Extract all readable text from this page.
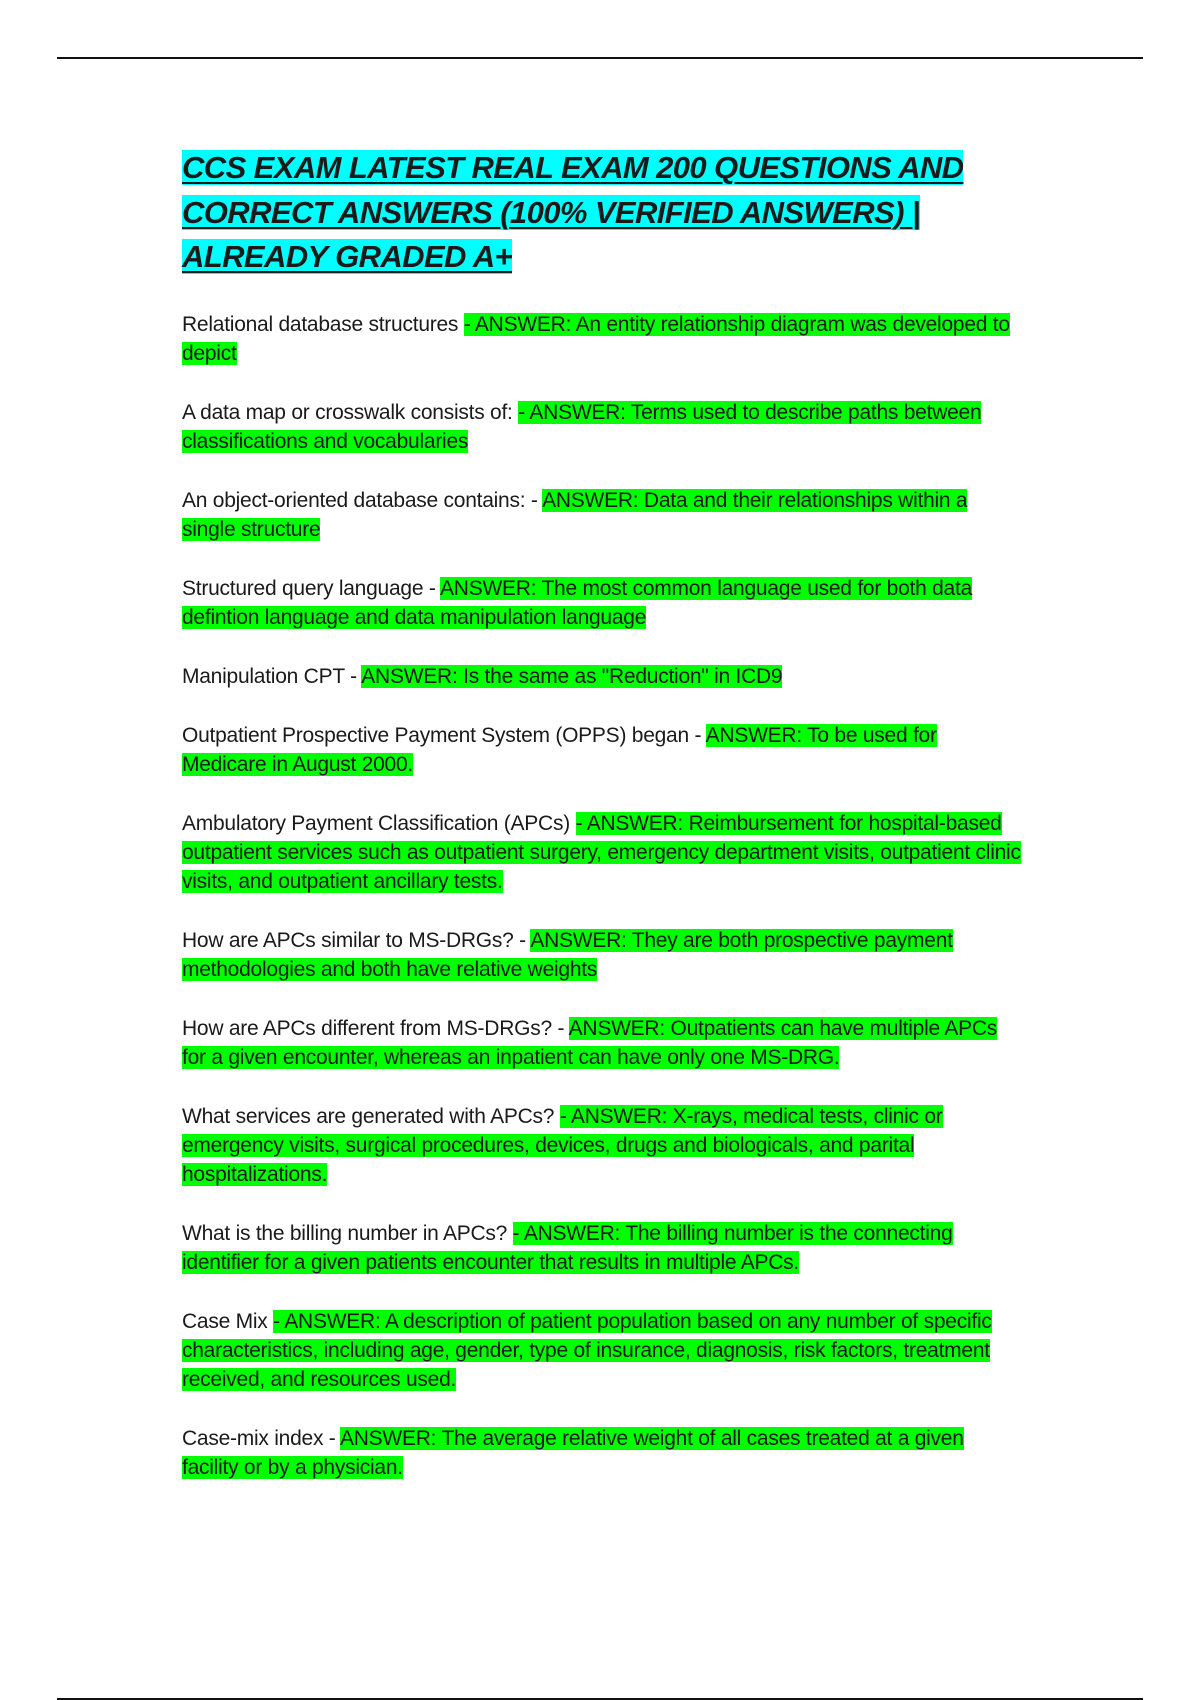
CCS EXAM LATEST REAL EXAM 200 QUESTIONS AND CORRECT ANSWERS (100% VERIFIED ANSWERS) | ALREADY GRADED A+

Relational database structures - ANSWER: An entity relationship diagram was developed to depict

A data map or crosswalk consists of: - ANSWER: Terms used to describe paths between classifications and vocabularies

An object-oriented database contains: - ANSWER: Data and their relationships within a single structure

Structured query language - ANSWER: The most common language used for both data defintion language and data manipulation language

Manipulation CPT - ANSWER: Is the same as "Reduction" in ICD9

Outpatient Prospective Payment System (OPPS) began - ANSWER: To be used for Medicare in August 2000.

Ambulatory Payment Classification (APCs) - ANSWER: Reimbursement for hospital-based outpatient services such as outpatient surgery, emergency department visits, outpatient clinic visits, and outpatient ancillary tests.

How are APCs similar to MS-DRGs? - ANSWER: They are both prospective payment methodologies and both have relative weights

How are APCs different from MS-DRGs? - ANSWER: Outpatients can have multiple APCs for a given encounter, whereas an inpatient can have only one MS-DRG.

What services are generated with APCs? - ANSWER: X-rays, medical tests, clinic or emergency visits, surgical procedures, devices, drugs and biologicals, and parital hospitalizations.

What is the billing number in APCs? - ANSWER: The billing number is the connecting identifier for a given patients encounter that results in multiple APCs.

Case Mix - ANSWER: A description of patient population based on any number of specific characteristics, including age, gender, type of insurance, diagnosis, risk factors, treatment received, and resources used.

Case-mix index - ANSWER: The average relative weight of all cases treated at a given facility or by a physician.
